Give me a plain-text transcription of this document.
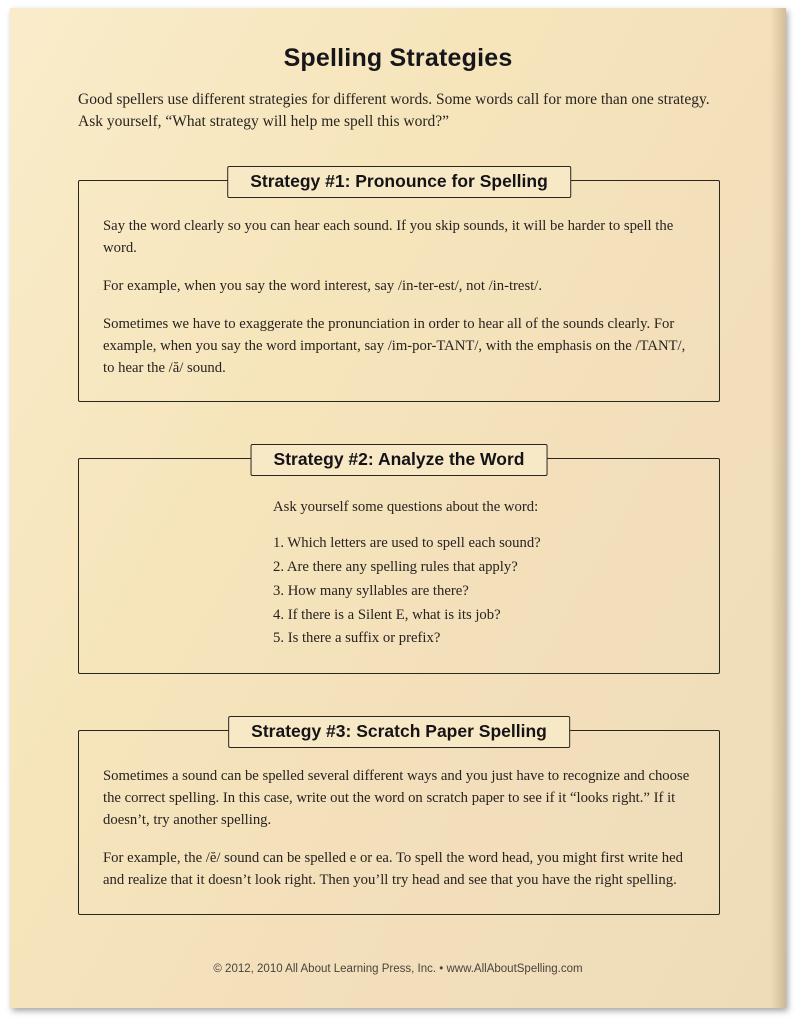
Spelling Strategies

Good spellers use different strategies for different words. Some words call for more than one strategy. Ask yourself, “What strategy will help me spell this word?”

Strategy #1: Pronounce for Spelling

Say the word clearly so you can hear each sound. If you skip sounds, it will be harder to spell the word.

For example, when you say the word interest, say /in-ter-est/, not /in-trest/.

Sometimes we have to exaggerate the pronunciation in order to hear all of the sounds clearly. For example, when you say the word important, say /im-por-TANT/, with the emphasis on the /TANT/, to hear the /ă/ sound.

Strategy #2: Analyze the Word

Ask yourself some questions about the word:

1. Which letters are used to spell each sound?
2. Are there any spelling rules that apply?
3. How many syllables are there?
4. If there is a Silent E, what is its job?
5. Is there a suffix or prefix?
Strategy #3: Scratch Paper Spelling

Sometimes a sound can be spelled several different ways and you just have to recognize and choose the correct spelling. In this case, write out the word on scratch paper to see if it “looks right.” If it doesn’t, try another spelling.

For example, the /ĕ/ sound can be spelled e or ea. To spell the word head, you might first write hed and realize that it doesn’t look right. Then you’ll try head and see that you have the right spelling.

© 2012, 2010 All About Learning Press, Inc. • www.AllAboutSpelling.com
